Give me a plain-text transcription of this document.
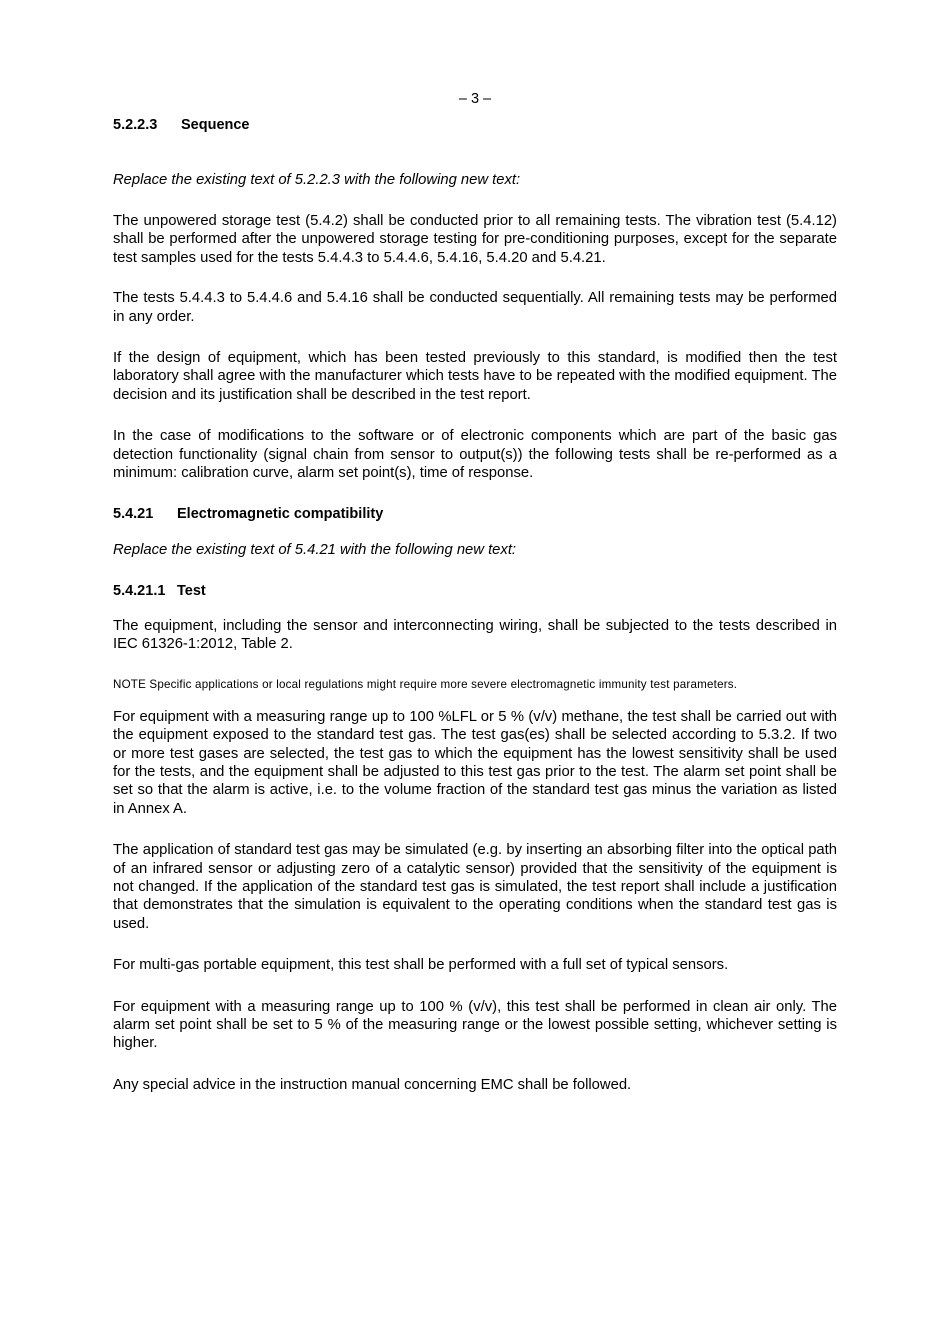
– 3 –

5.2.2.3 Sequence

Replace the existing text of 5.2.2.3 with the following new text:

The unpowered storage test (5.4.2) shall be conducted prior to all remaining tests. The vibration test (5.4.12) shall be performed after the unpowered storage testing for pre-conditioning purposes, except for the separate test samples used for the tests 5.4.4.3 to 5.4.4.6, 5.4.16, 5.4.20 and 5.4.21.

The tests 5.4.4.3 to 5.4.4.6 and 5.4.16 shall be conducted sequentially. All remaining tests may be performed in any order.

If the design of equipment, which has been tested previously to this standard, is modified then the test laboratory shall agree with the manufacturer which tests have to be repeated with the modified equipment. The decision and its justification shall be described in the test report.

In the case of modifications to the software or of electronic components which are part of the basic gas detection functionality (signal chain from sensor to output(s)) the following tests shall be re-performed as a minimum: calibration curve, alarm set point(s), time of response.

5.4.21 Electromagnetic compatibility

Replace the existing text of 5.4.21 with the following new text:

5.4.21.1 Test

The equipment, including the sensor and interconnecting wiring, shall be subjected to the tests described in IEC 61326-1:2012, Table 2.

NOTE Specific applications or local regulations might require more severe electromagnetic immunity test parameters.

For equipment with a measuring range up to 100 %LFL or 5 % (v/v) methane, the test shall be carried out with the equipment exposed to the standard test gas. The test gas(es) shall be selected according to 5.3.2. If two or more test gases are selected, the test gas to which the equipment has the lowest sensitivity shall be used for the tests, and the equipment shall be adjusted to this test gas prior to the test. The alarm set point shall be set so that the alarm is active, i.e. to the volume fraction of the standard test gas minus the variation as listed in Annex A.

The application of standard test gas may be simulated (e.g. by inserting an absorbing filter into the optical path of an infrared sensor or adjusting zero of a catalytic sensor) provided that the sensitivity of the equipment is not changed. If the application of the standard test gas is simulated, the test report shall include a justification that demonstrates that the simulation is equivalent to the operating conditions when the standard test gas is used.

For multi-gas portable equipment, this test shall be performed with a full set of typical sensors.

For equipment with a measuring range up to 100 % (v/v), this test shall be performed in clean air only. The alarm set point shall be set to 5 % of the measuring range or the lowest possible setting, whichever setting is higher.

Any special advice in the instruction manual concerning EMC shall be followed.
